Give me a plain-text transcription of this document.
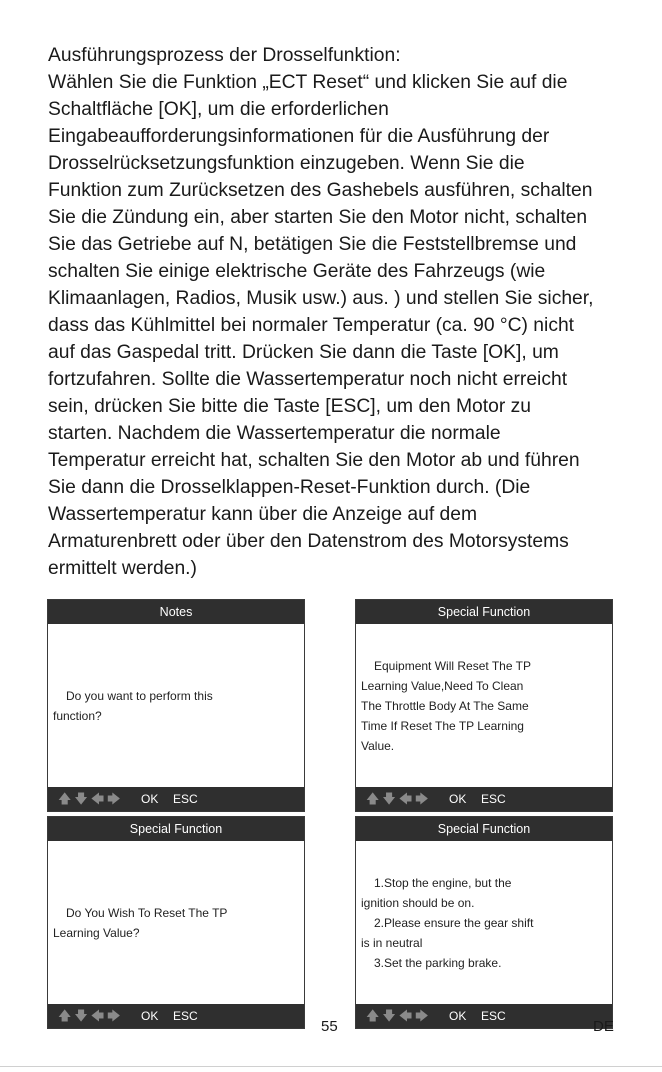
Ausführungsprozess der Drosselfunktion:

Wählen Sie die Funktion „ECT Reset“ und klicken Sie auf die

Schaltfläche [OK], um die erforderlichen

Eingabeaufforderungsinformationen für die Ausführung der

Drosselrücksetzungsfunktion einzugeben. Wenn Sie die

Funktion zum Zurücksetzen des Gashebels ausführen, schalten

Sie die Zündung ein, aber starten Sie den Motor nicht, schalten

Sie das Getriebe auf N, betätigen Sie die Feststellbremse und

schalten Sie einige elektrische Geräte des Fahrzeugs (wie

Klimaanlagen, Radios, Musik usw.) aus. ) und stellen Sie sicher,

dass das Kühlmittel bei normaler Temperatur (ca. 90 °C) nicht

auf das Gaspedal tritt. Drücken Sie dann die Taste [OK], um

fortzufahren. Sollte die Wassertemperatur noch nicht erreicht

sein, drücken Sie bitte die Taste [ESC], um den Motor zu

starten. Nachdem die Wassertemperatur die normale

Temperatur erreicht hat, schalten Sie den Motor ab und führen

Sie dann die Drosselklappen-Reset-Funktion durch. (Die

Wassertemperatur kann über die Anzeige auf dem

Armaturenbrett oder über den Datenstrom des Motorsystems

ermittelt werden.)

Notes
Do you want to perform this
function?
🡅🡇🡄🡆 OK ESC
Special Function
Equipment Will Reset The TP
Learning Value,Need To Clean
The Throttle Body At The Same
Time If Reset The TP Learning
Value.
🡅🡇🡄🡆 OK ESC
Special Function
Do You Wish To Reset The TP
Learning Value?
🡅🡇🡄🡆 OK ESC
Special Function
1.Stop the engine, but the
ignition should be on.
2.Please ensure the gear shift
is in neutral
3.Set the parking brake.
🡅🡇🡄🡆 OK ESC
55	DE
